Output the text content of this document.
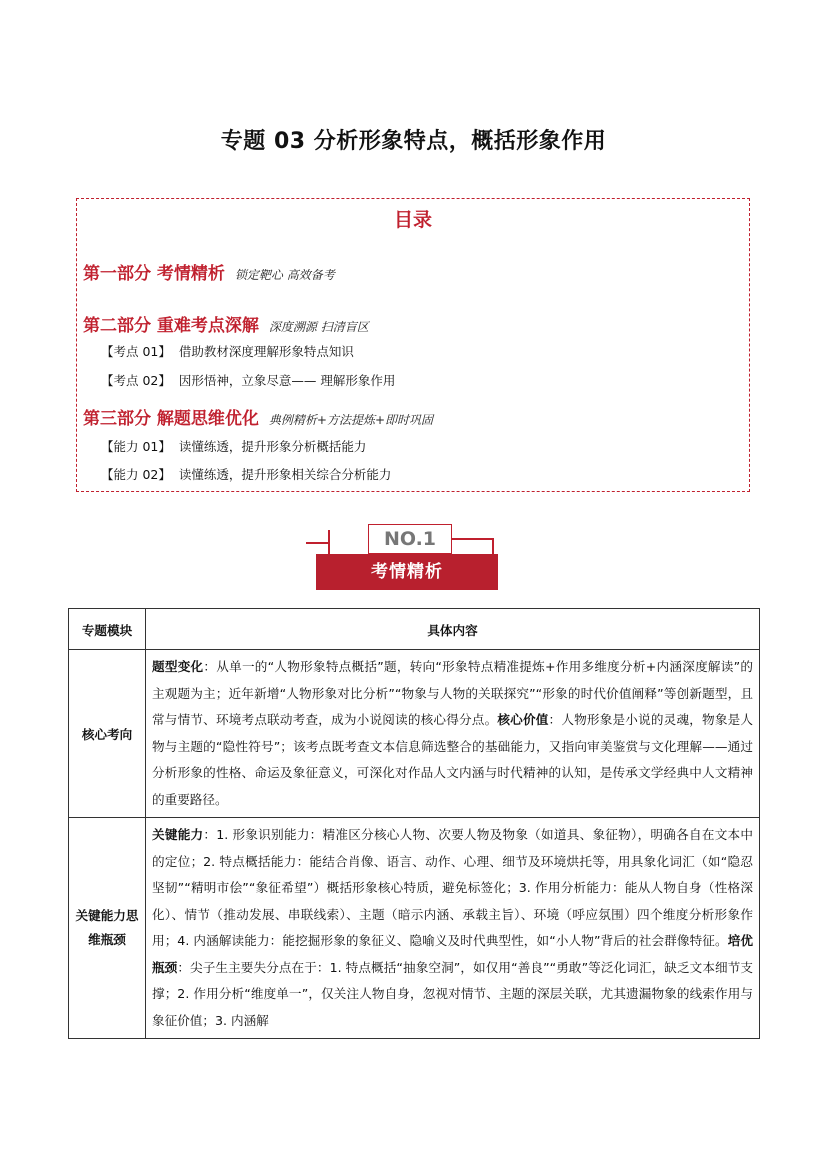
专题 03 分析形象特点，概括形象作用
目录
第一部分 考情精析 锁定靶心 高效备考
第二部分 重难考点深解 深度溯源 扫清盲区
【考点 01】 借助教材深度理解形象特点知识
【考点 02】 因形悟神，立象尽意—— 理解形象作用
第三部分 解题思维优化 典例精析+方法提炼+即时巩固
【能力 01】 读懂练透，提升形象分析概括能力
【能力 02】 读懂练透，提升形象相关综合分析能力
NO.1
考情精析
专题模块	具体内容
核心考向	题型变化：从单一的“人物形象特点概括”题，转向“形象特点精准提炼+作用多维度分析+内涵深度解读”的主观题为主；近年新增“人物形象对比分析”“物象与人物的关联探究”“形象的时代价值阐释”等创新题型，且常与情节、环境考点联动考查，成为小说阅读的核心得分点。核心价值：人物形象是小说的灵魂，物象是人物与主题的“隐性符号”；该考点既考查文本信息筛选整合的基础能力，又指向审美鉴赏与文化理解——通过分析形象的性格、命运及象征意义，可深化对作品人文内涵与时代精神的认知，是传承文学经典中人文精神的重要路径。
关键能力思维瓶颈	关键能力：1. 形象识别能力：精准区分核心人物、次要人物及物象（如道具、象征物），明确各自在文本中的定位；2. 特点概括能力：能结合肖像、语言、动作、心理、细节及环境烘托等，用具象化词汇（如“隐忍坚韧”“精明市侩”“象征希望”）概括形象核心特质，避免标签化；3. 作用分析能力：能从人物自身（性格深化）、情节（推动发展、串联线索）、主题（暗示内涵、承载主旨）、环境（呼应氛围）四个维度分析形象作用；4. 内涵解读能力：能挖掘形象的象征义、隐喻义及时代典型性，如“小人物”背后的社会群像特征。培优瓶颈：尖子生主要失分点在于：1. 特点概括“抽象空洞”，如仅用“善良”“勇敢”等泛化词汇，缺乏文本细节支撑；2. 作用分析“维度单一”，仅关注人物自身，忽视对情节、主题的深层关联，尤其遗漏物象的线索作用与象征价值；3. 内涵解
